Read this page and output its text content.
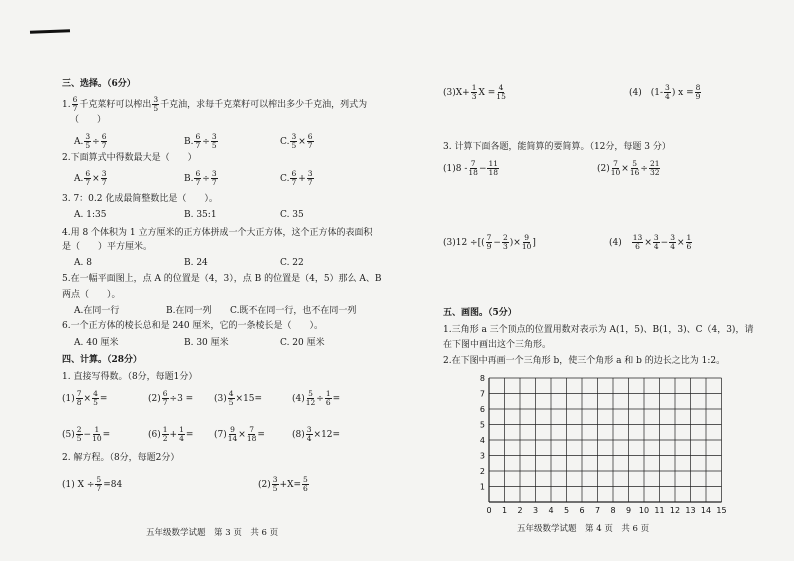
三、选择。（6分）
1. $\frac{6}{7}$ 千克菜籽可以榨出 $\frac{3}{5}$ 千克油，求每千克菜籽可以榨出多少千克油，列式为
（　　）
A. $\frac{3}{5} \div \frac{6}{7}$	B. $\frac{6}{7} \div \frac{3}{5}$	C. $\frac{3}{5} \times \frac{6}{7}$
2.下面算式中得数最大是（　　）
A. $\frac{6}{7} \times \frac{3}{7}$	B. $\frac{6}{7} \div \frac{3}{7}$	C. $\frac{6}{7} + \frac{3}{7}$
3. 7：0.2 化成最简整数比是（　　）。
A. 1:35	B. 35:1	C. 35
4.用 8 个体积为 1 立方厘米的正方体拼成一个大正方体，这个正方体的表面积
是（　　）平方厘米。
A. 8	B. 24	C. 22
5.在一幅平面图上，点 A 的位置是（4，3），点 B 的位置是（4，5）那么 A、B
两点（　　）。
A.在同一行	B.在同一列 C.既不在同一行，也不在同一列
6.一个正方体的棱长总和是 240 厘米，它的一条棱长是（　　）。
A. 40 厘米	B. 30 厘米	C. 20 厘米
四、计算。（28分）
1. 直接写得数。（8分，每题1分）
$(1) \frac{7}{8} \times \frac{4}{5}$ =	$(2) \frac{6}{7} \div 3 = (3) \frac{4}{5} \times 15=$	$(4) \frac{5}{12} \div \frac{1}{6}$ =
$(5) \frac{2}{5} - \frac{1}{10}$ =	$(6) \frac{1}{2} + \frac{1}{4} = (7) \frac{9}{14} \times \frac{7}{18}$ =	$(8) \frac{3}{4} \times 12=$
2. 解方程。（8分，每题2分）
(1) $X \div \frac{5}{7} =84$	$(2) \frac{3}{5} +X= \frac{5}{6}$
五年级数学试题　第 3 页　共 6 页
$(3)X+ \frac{1}{3}$ $X = \frac{4}{15}$	(4)　($1- \frac{3}{4}$ ) $x = \frac{8}{9}$
3. 计算下面各题，能简算的要简算。（12分，每题 3 分）
$(1)8 - \frac{7}{18} - \frac{11}{18}$	$(2) \frac{7}{10} \times \frac{5}{16} \div \frac{21}{32}$
(3)12 ÷[( $\frac{7}{9} - \frac{2}{3}$ )× $\frac{9}{10}$ ]	(4)　 $\frac{13}{6} \times \frac{3}{4} - \frac{3}{4} \times \frac{1}{6}$
五、画图。（5分）
1.三角形 a 三个顶点的位置用数对表示为 A(1，5)、B(1，3)、C（4，3)，请
在下图中画出这个三角形。
2.在下图中再画一个三角形 b，使三个角形 a 和 b 的边长之比为 1:2。
0 1 2 3 4 5 6 7 8 9 10 11 12 13 14 15
1
2
3
4
5
6
7
8
五年级数学试题　第 4 页　共 6 页
